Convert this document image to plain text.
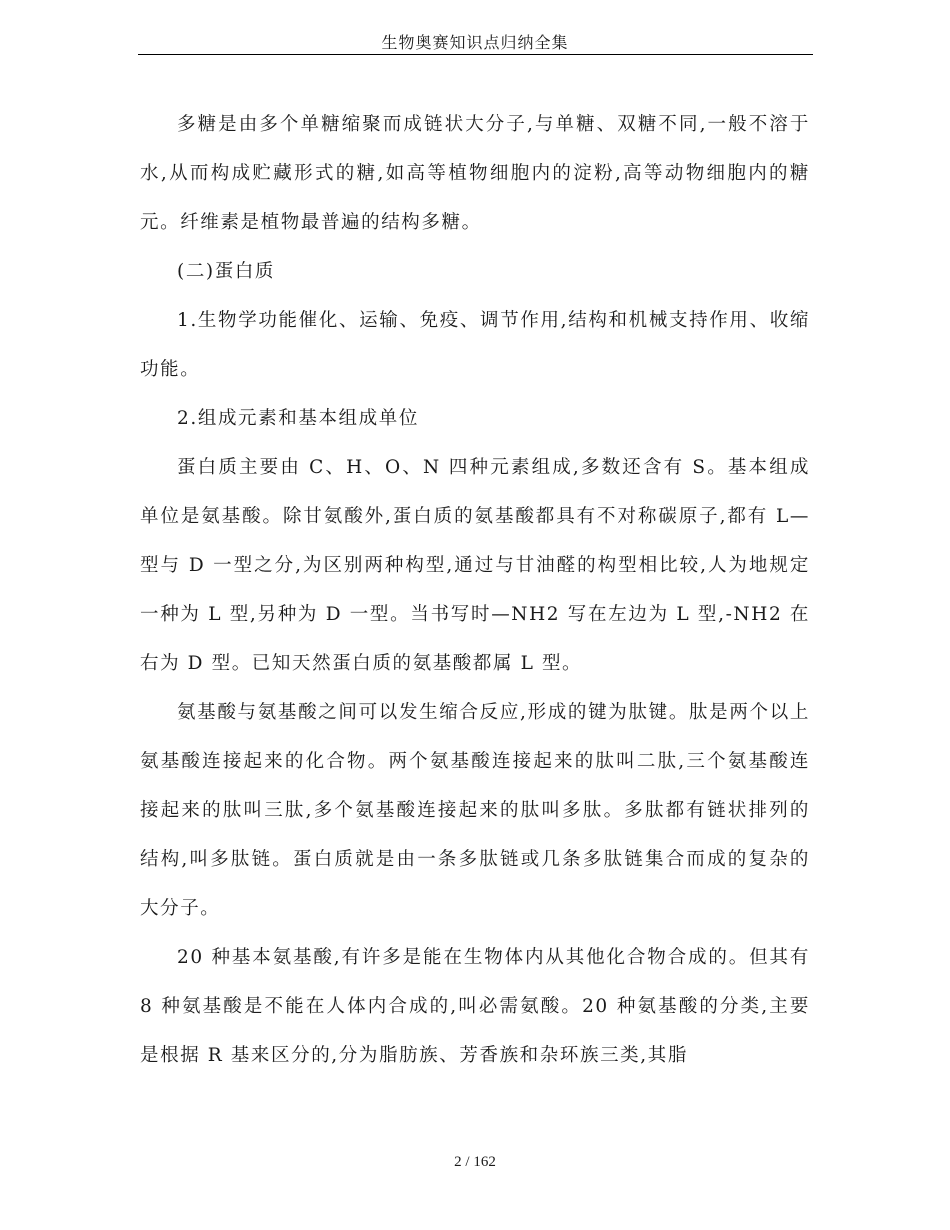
生物奥赛知识点归纳全集

多糖是由多个单糖缩聚而成链状大分子,与单糖、双糖不同,一般不溶于水,从而构成贮藏形式的糖,如高等植物细胞内的淀粉,高等动物细胞内的糖元。纤维素是植物最普遍的结构多糖。

(二)蛋白质

1.生物学功能催化、运输、免疫、调节作用,结构和机械支持作用、收缩功能。

2.组成元素和基本组成单位

蛋白质主要由 C、H、O、N 四种元素组成,多数还含有 S。基本组成单位是氨基酸。除甘氨酸外,蛋白质的氨基酸都具有不对称碳原子,都有 L—型与 D 一型之分,为区别两种构型,通过与甘油醛的构型相比较,人为地规定一种为 L 型,另种为 D 一型。当书写时—NH2 写在左边为 L 型,-NH2 在右为 D 型。已知天然蛋白质的氨基酸都属 L 型。

氨基酸与氨基酸之间可以发生缩合反应,形成的键为肽键。肽是两个以上氨基酸连接起来的化合物。两个氨基酸连接起来的肽叫二肽,三个氨基酸连接起来的肽叫三肽,多个氨基酸连接起来的肽叫多肽。多肽都有链状排列的结构,叫多肽链。蛋白质就是由一条多肽链或几条多肽链集合而成的复杂的大分子。

20 种基本氨基酸,有许多是能在生物体内从其他化合物合成的。但其有 8 种氨基酸是不能在人体内合成的,叫必需氨酸。20 种氨基酸的分类,主要是根据 R 基来区分的,分为脂肪族、芳香族和杂环族三类,其脂

2 / 162
